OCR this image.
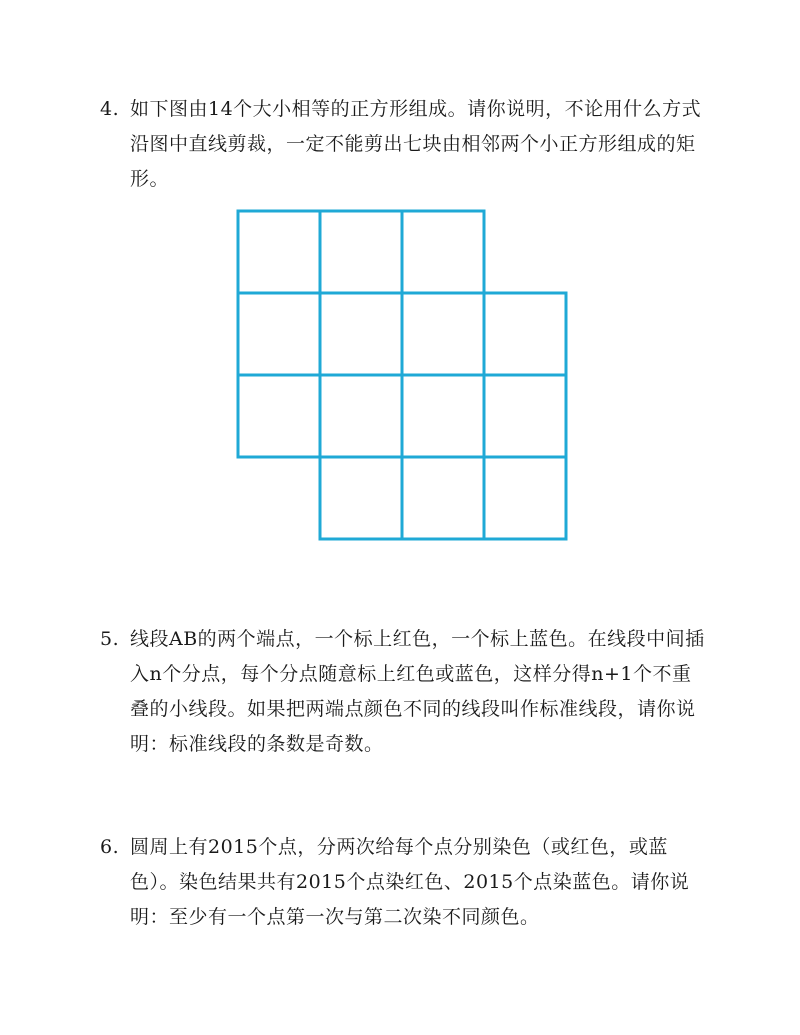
4. 如下图由14个大小相等的正方形组成。请你说明，不论用什么方式沿图中直线剪裁，一定不能剪出七块由相邻两个小正方形组成的矩形。
5. 线段AB的两个端点，一个标上红色，一个标上蓝色。在线段中间插入n个分点，每个分点随意标上红色或蓝色，这样分得n+1个不重叠的小线段。如果把两端点颜色不同的线段叫作标准线段，请你说明：标准线段的条数是奇数。
6. 圆周上有2015个点，分两次给每个点分别染色（或红色，或蓝色）。染色结果共有2015个点染红色、2015个点染蓝色。请你说明：至少有一个点第一次与第二次染不同颜色。
